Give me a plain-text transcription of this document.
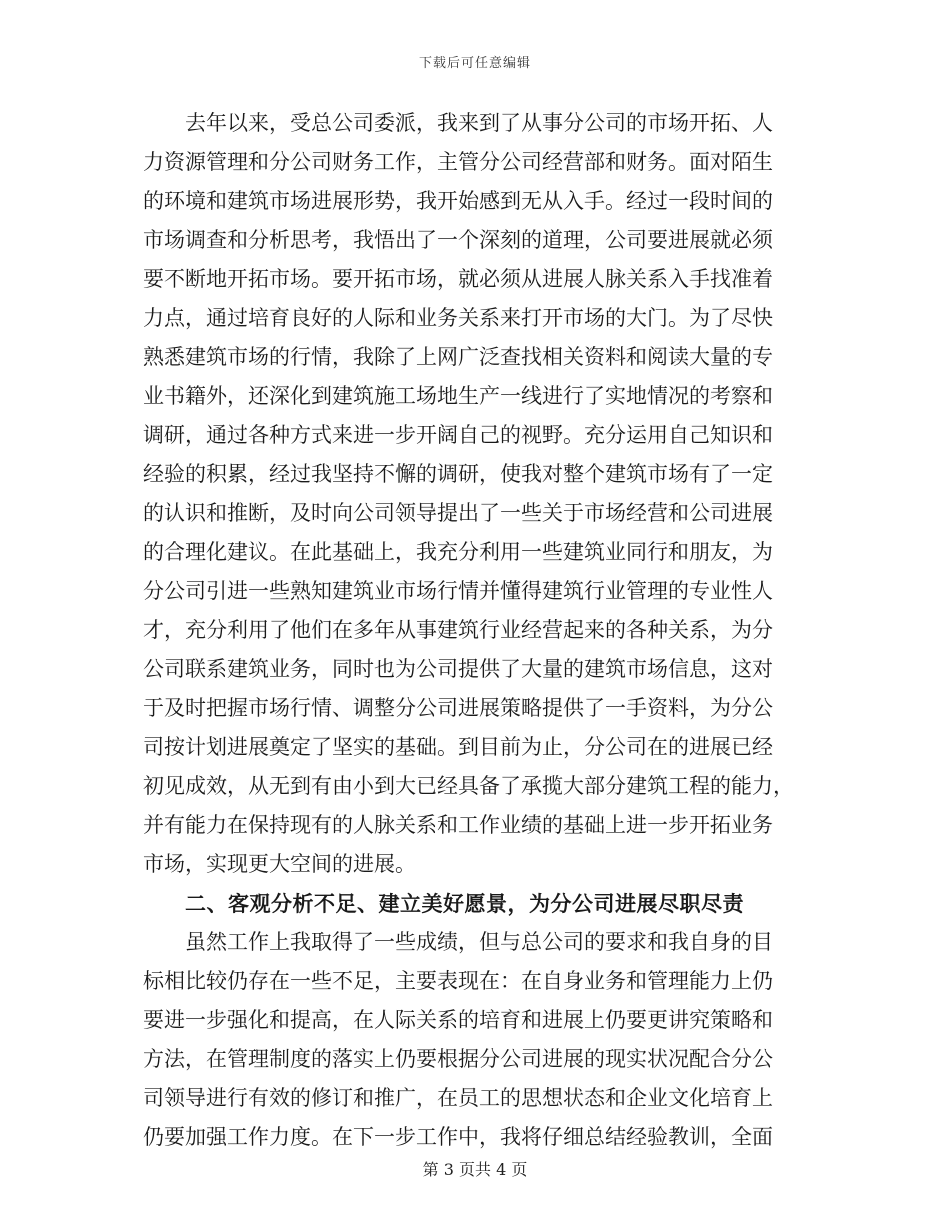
下载后可任意编辑
去年以来，受总公司委派，我来到了从事分公司的市场开拓、人
力资源管理和分公司财务工作，主管分公司经营部和财务。面对陌生
的环境和建筑市场进展形势，我开始感到无从入手。经过一段时间的
市场调查和分析思考，我悟出了一个深刻的道理，公司要进展就必须
要不断地开拓市场。要开拓市场，就必须从进展人脉关系入手找准着
力点，通过培育良好的人际和业务关系来打开市场的大门。为了尽快
熟悉建筑市场的行情，我除了上网广泛查找相关资料和阅读大量的专
业书籍外，还深化到建筑施工场地生产一线进行了实地情况的考察和
调研，通过各种方式来进一步开阔自己的视野。充分运用自己知识和
经验的积累，经过我坚持不懈的调研，使我对整个建筑市场有了一定
的认识和推断，及时向公司领导提出了一些关于市场经营和公司进展
的合理化建议。在此基础上，我充分利用一些建筑业同行和朋友，为
分公司引进一些熟知建筑业市场行情并懂得建筑行业管理的专业性人
才，充分利用了他们在多年从事建筑行业经营起来的各种关系，为分
公司联系建筑业务，同时也为公司提供了大量的建筑市场信息，这对
于及时把握市场行情、调整分公司进展策略提供了一手资料，为分公
司按计划进展奠定了坚实的基础。到目前为止，分公司在的进展已经
初见成效，从无到有由小到大已经具备了承揽大部分建筑工程的能力，
并有能力在保持现有的人脉关系和工作业绩的基础上进一步开拓业务
市场，实现更大空间的进展。
二、客观分析不足、建立美好愿景，为分公司进展尽职尽责
虽然工作上我取得了一些成绩，但与总公司的要求和我自身的目
标相比较仍存在一些不足，主要表现在：在自身业务和管理能力上仍
要进一步强化和提高，在人际关系的培育和进展上仍要更讲究策略和
方法，在管理制度的落实上仍要根据分公司进展的现实状况配合分公
司领导进行有效的修订和推广，在员工的思想状态和企业文化培育上
仍要加强工作力度。在下一步工作中，我将仔细总结经验教训，全面
第 3 页共 4 页
